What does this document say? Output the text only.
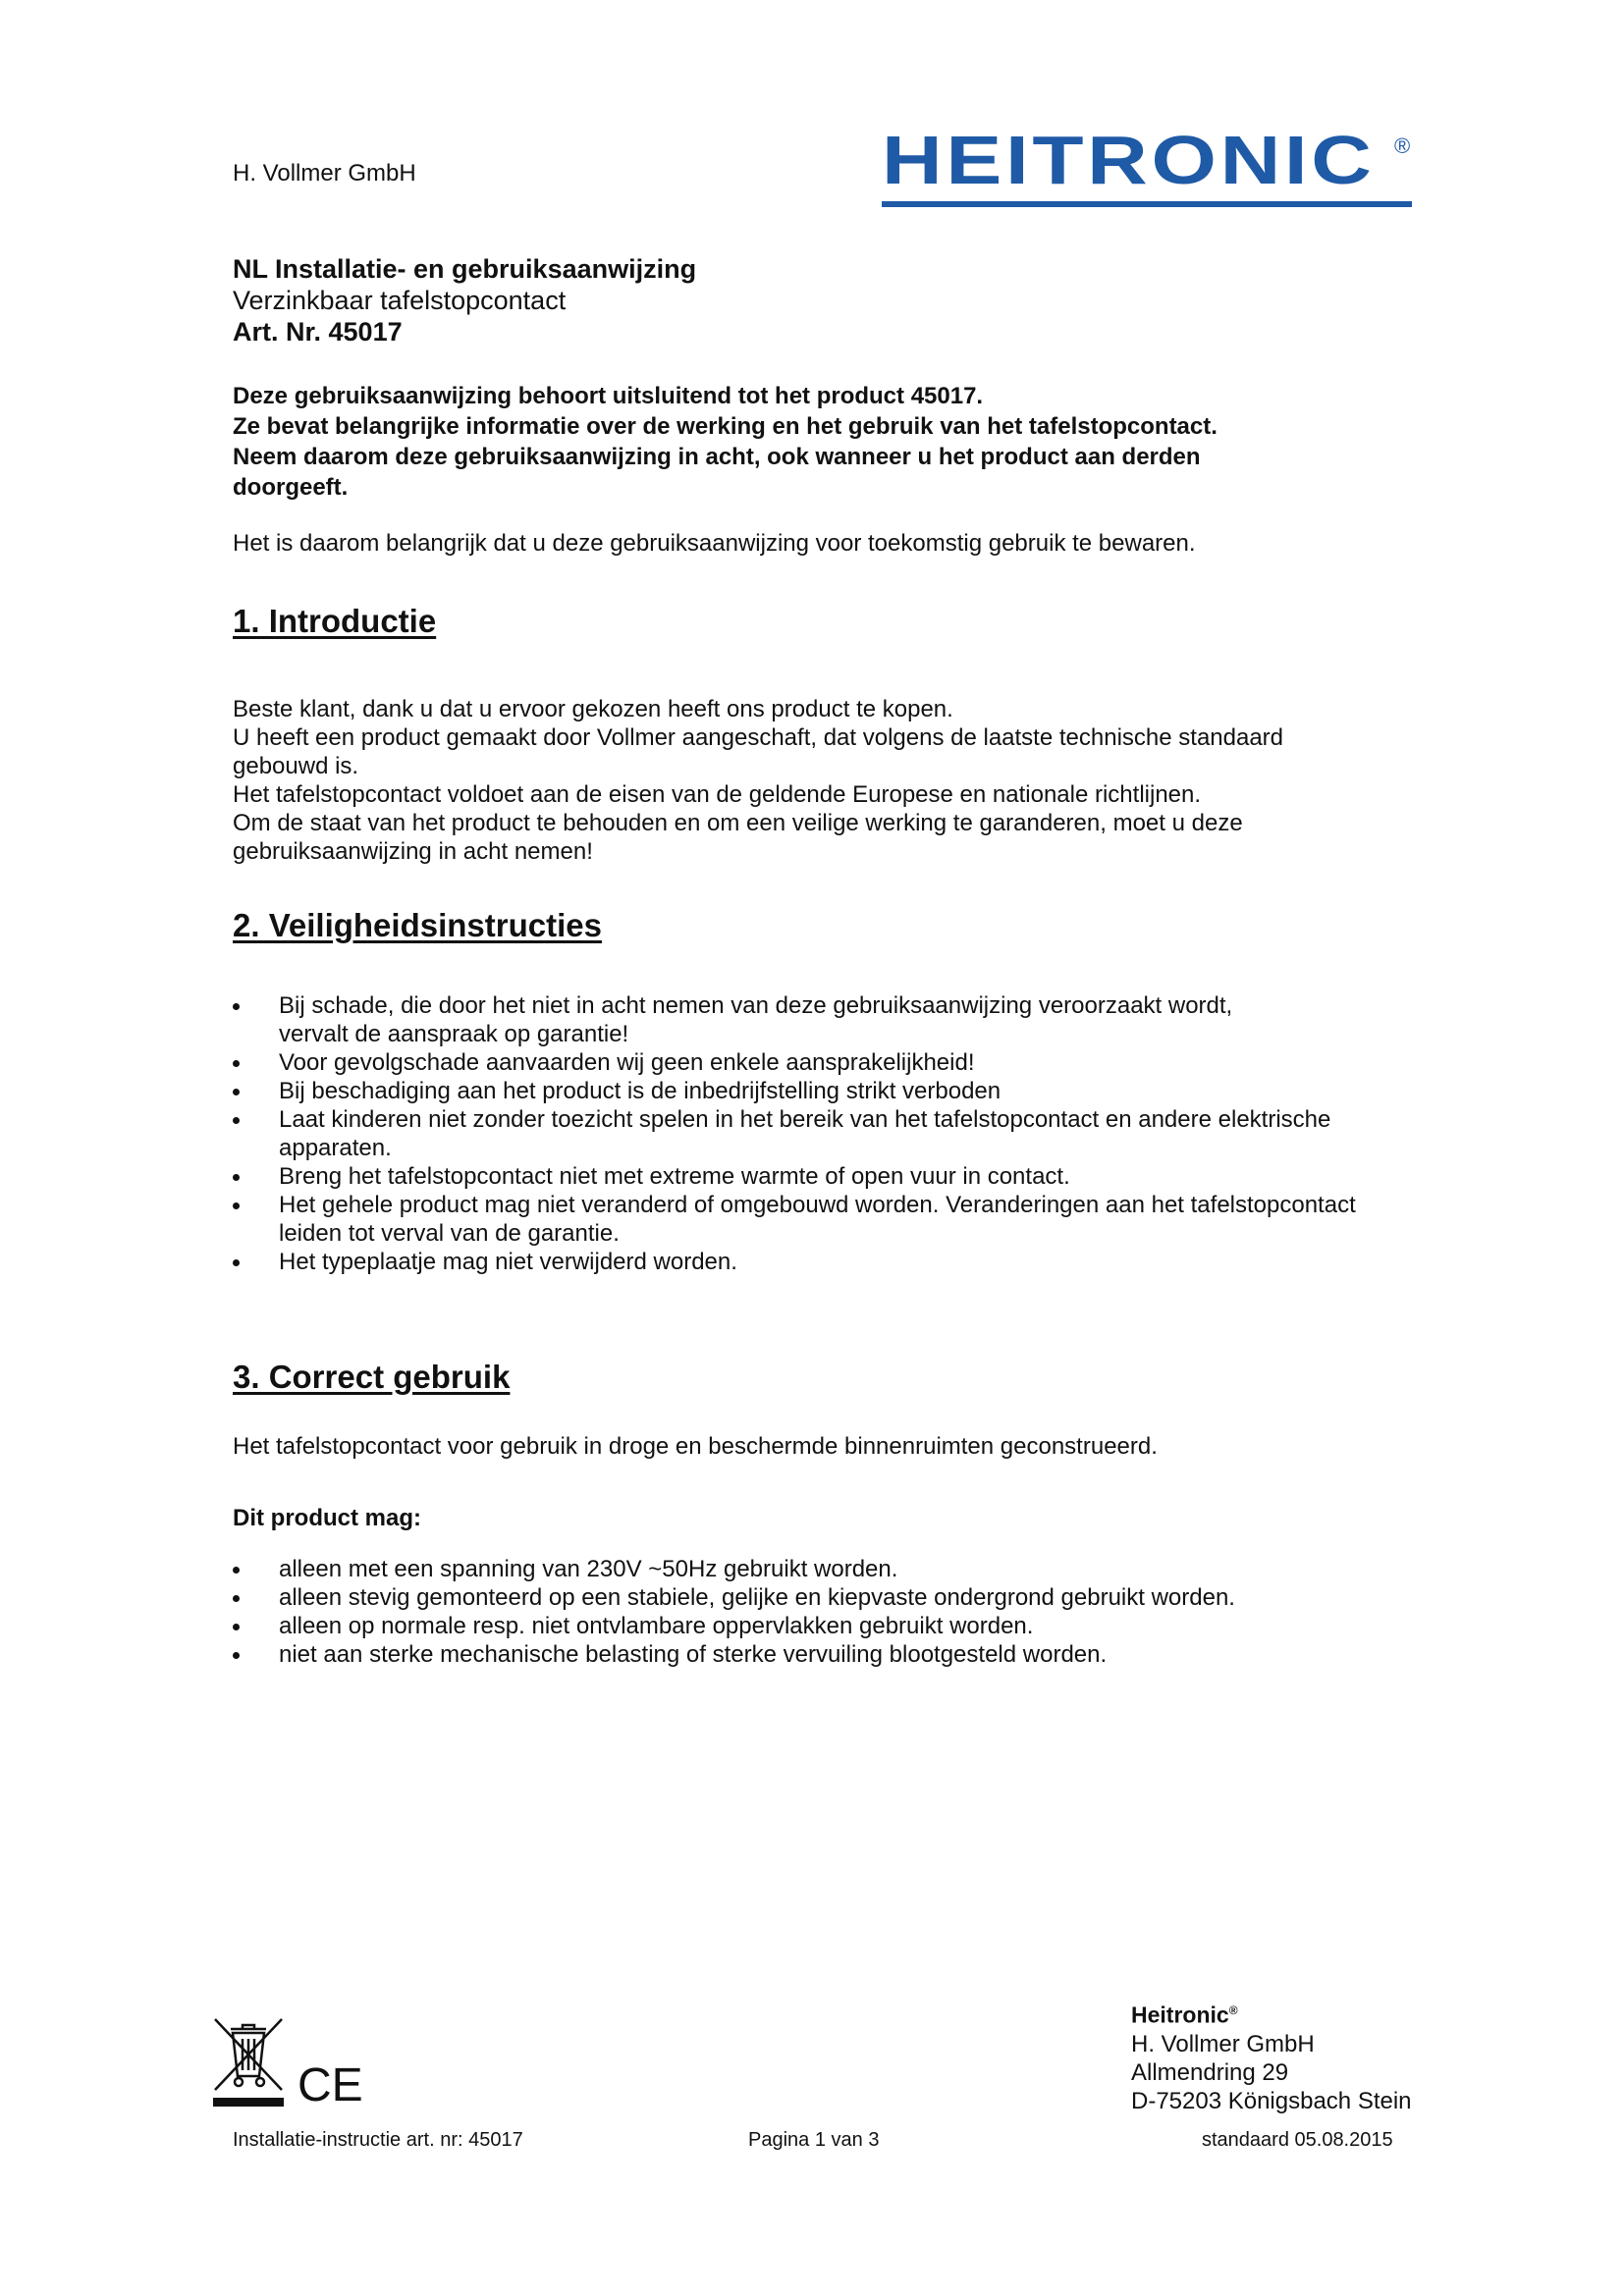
H. Vollmer GmbH	HEITRONIC ®
NL Installatie- en gebruiksaanwijzing
Verzinkbaar tafelstopcontact
Art. Nr. 45017

Deze gebruiksaanwijzing behoort uitsluitend tot het product 45017.

Ze bevat belangrijke informatie over de werking en het gebruik van het tafelstopcontact.

Neem daarom deze gebruiksaanwijzing in acht, ook wanneer u het product aan derden doorgeeft.

Het is daarom belangrijk dat u deze gebruiksaanwijzing voor toekomstig gebruik te bewaren.
1. Introductie

Beste klant, dank u dat u ervoor gekozen heeft ons product te kopen.
U heeft een product gemaakt door Vollmer aangeschaft, dat volgens de laatste technische standaard gebouwd is.
Het tafelstopcontact voldoet aan de eisen van de geldende Europese en nationale richtlijnen.
Om de staat van het product te behouden en om een veilige werking te garanderen, moet u deze gebruiksaanwijzing in acht nemen!

2. Veiligheidsinstructies
Bij schade, die door het niet in acht nemen van deze gebruiksaanwijzing veroorzaakt wordt,
vervalt de aanspraak op garantie!
Voor gevolgschade aanvaarden wij geen enkele aansprakelijkheid!
Bij beschadiging aan het product is de inbedrijfstelling strikt verboden
Laat kinderen niet zonder toezicht spelen in het bereik van het tafelstopcontact en andere elektrische apparaten.
Breng het tafelstopcontact niet met extreme warmte of open vuur in contact.
Het gehele product mag niet veranderd of omgebouwd worden. Veranderingen aan het tafelstopcontact leiden tot verval van de garantie.
Het typeplaatje mag niet verwijderd worden.
3. Correct gebruik

Het tafelstopcontact voor gebruik in droge en beschermde binnenruimten geconstrueerd.

Dit product mag:
alleen met een spanning van 230V ~50Hz gebruikt worden.
alleen stevig gemonteerd op een stabiele, gelijke en kiepvaste ondergrond gebruikt worden.
alleen op normale resp. niet ontvlambare oppervlakken gebruikt worden.
niet aan sterke mechanische belasting of sterke vervuiling blootgesteld worden.
Heitronic®
H. Vollmer GmbH
Allmendring 29
D-75203 Königsbach Stein
CE
Installatie-instructie art. nr: 45017	Pagina 1 van 3	standaard 05.08.2015
